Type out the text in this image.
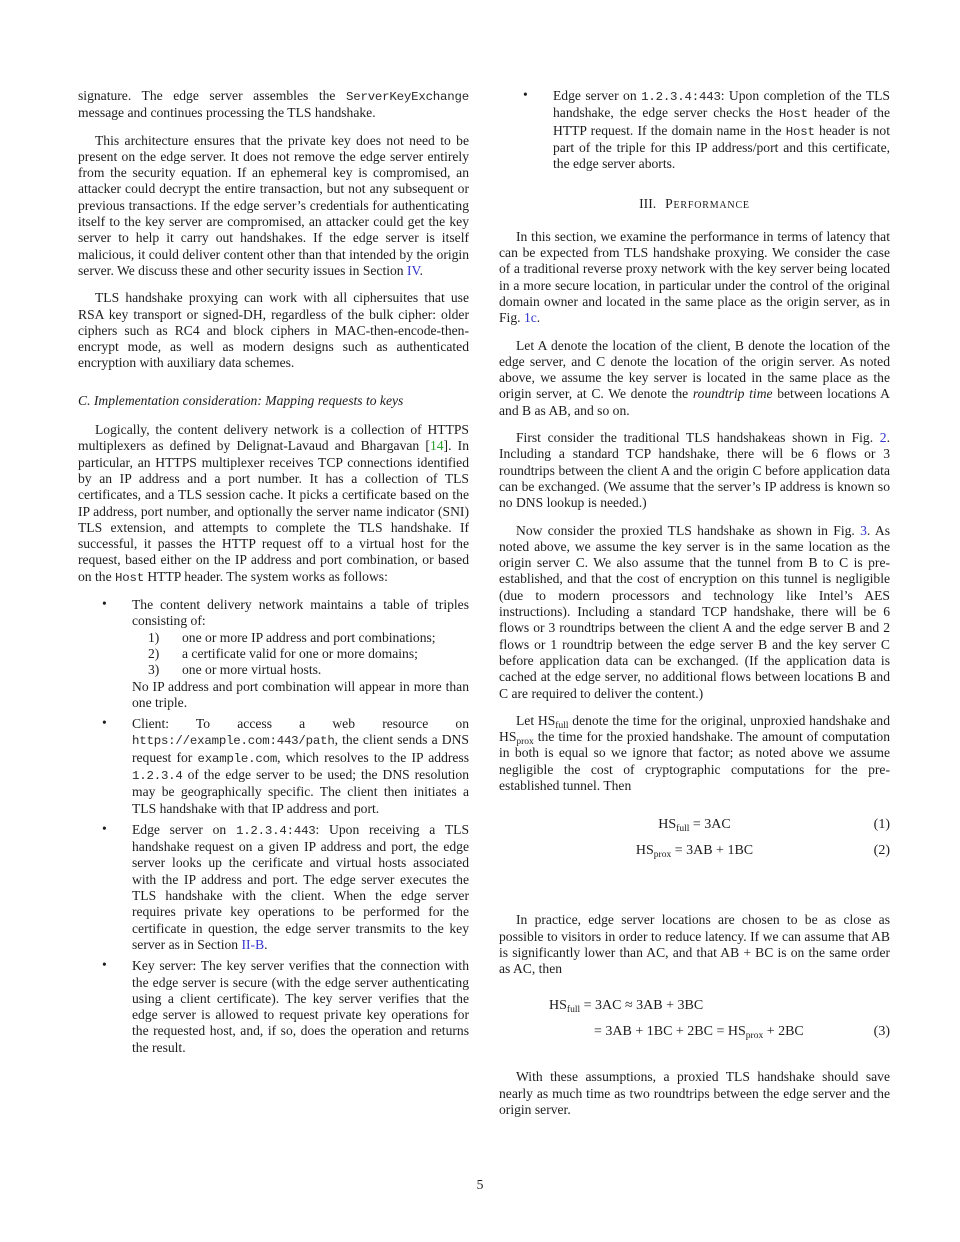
signature. The edge server assembles the ServerKeyExchange message and continues processing the TLS handshake.
This architecture ensures that the private key does not need to be present on the edge server. It does not remove the edge server entirely from the security equation. If an ephemeral key is compromised, an attacker could decrypt the entire transaction, but not any subsequent or previous transactions. If the edge server’s credentials for authenticating itself to the key server are compromised, an attacker could get the key server to help it carry out handshakes. If the edge server is itself malicious, it could deliver content other than that intended by the origin server. We discuss these and other security issues in Section IV.
TLS handshake proxying can work with all ciphersuites that use RSA key transport or signed-DH, regardless of the bulk cipher: older ciphers such as RC4 and block ciphers in MAC-then-encode-then-encrypt mode, as well as modern designs such as authenticated encryption with auxiliary data schemes.
C. Implementation consideration: Mapping requests to keys
Logically, the content delivery network is a collection of HTTPS multiplexers as defined by Delignat-Lavaud and Bhargavan [14]. In particular, an HTTPS multiplexer receives TCP connections identified by an IP address and a port number. It has a collection of TLS certificates, and a TLS session cache. It picks a certificate based on the IP address, port number, and optionally the server name indicator (SNI) TLS extension, and attempts to complete the TLS handshake. If successful, it passes the HTTP request off to a virtual host for the request, based either on the IP address and port combination, or based on the Host HTTP header. The system works as follows:
• The content delivery network maintains a table of triples consisting of:
1) one or more IP address and port combinations;
2) a certificate valid for one or more domains;
3) one or more virtual hosts.
No IP address and port combination will appear in more than one triple.
• Client: To access a web resource on https://example.com:443/path, the client sends a DNS request for example.com, which resolves to the IP address 1.2.3.4 of the edge server to be used; the DNS resolution may be geographically specific. The client then initiates a TLS handshake with that IP address and port.
• Edge server on 1.2.3.4:443: Upon receiving a TLS handshake request on a given IP address and port, the edge server looks up the cerificate and virtual hosts associated with the IP address and port. The edge server executes the TLS handshake with the client. When the edge server requires private key operations to be performed for the certificate in question, the edge server transmits to the key server as in Section II-B.
• Key server: The key server verifies that the connection with the edge server is secure (with the edge server authenticating using a client certificate). The key server verifies that the edge server is allowed to request private key operations for the requested host, and, if so, does the operation and returns the result.
• Edge server on 1.2.3.4:443: Upon completion of the TLS handshake, the edge server checks the Host header of the HTTP request. If the domain name in the Host header is not part of the triple for this IP address/port and this certificate, the edge server aborts.
III. Performance
In this section, we examine the performance in terms of latency that can be expected from TLS handshake proxying. We consider the case of a traditional reverse proxy network with the key server being located in a more secure location, in particular under the control of the original domain owner and located in the same place as the origin server, as in Fig. 1c.
Let A denote the location of the client, B denote the location of the edge server, and C denote the location of the origin server. As noted above, we assume the key server is located in the same place as the origin server, at C. We denote the roundtrip time between locations A and B as AB, and so on.
First consider the traditional TLS handshakeas shown in Fig. 2. Including a standard TCP handshake, there will be 6 flows or 3 roundtrips between the client A and the origin C before application data can be exchanged. (We assume that the server’s IP address is known so no DNS lookup is needed.)
Now consider the proxied TLS handshake as shown in Fig. 3. As noted above, we assume the key server is in the same location as the origin server C. We also assume that the tunnel from B to C is pre-established, and that the cost of encryption on this tunnel is negligible (due to modern processors and technology like Intel’s AES instructions). Including a standard TCP handshake, there will be 6 flows or 3 roundtrips between the client A and the edge server B and 2 flows or 1 roundtrip between the edge server B and the key server C before application data can be exchanged. (If the application data is cached at the edge server, no additional flows between locations B and C are required to deliver the content.)
Let $HS_{full}$ denote the time for the original, unproxied handshake and $HS_{prox}$ the time for the proxied handshake. The amount of computation in both is equal so we ignore that factor; as noted above we assume negligible the cost of cryptographic computations for the pre-established tunnel. Then
$HS_{full} = 3AC$	(1)
$HS_{prox} = 3AB + 1BC$	(2)
In practice, edge server locations are chosen to be as close as possible to visitors in order to reduce latency. If we can assume that AB is significantly lower than AC, and that AB + BC is on the same order as AC, then
$HS_{full} = 3AC \approx 3AB + 3BC$
= $3AB + 1BC + 2BC = HS_{prox} + 2BC$	(3)
With these assumptions, a proxied TLS handshake should save nearly as much time as two roundtrips between the edge server and the origin server.
5
